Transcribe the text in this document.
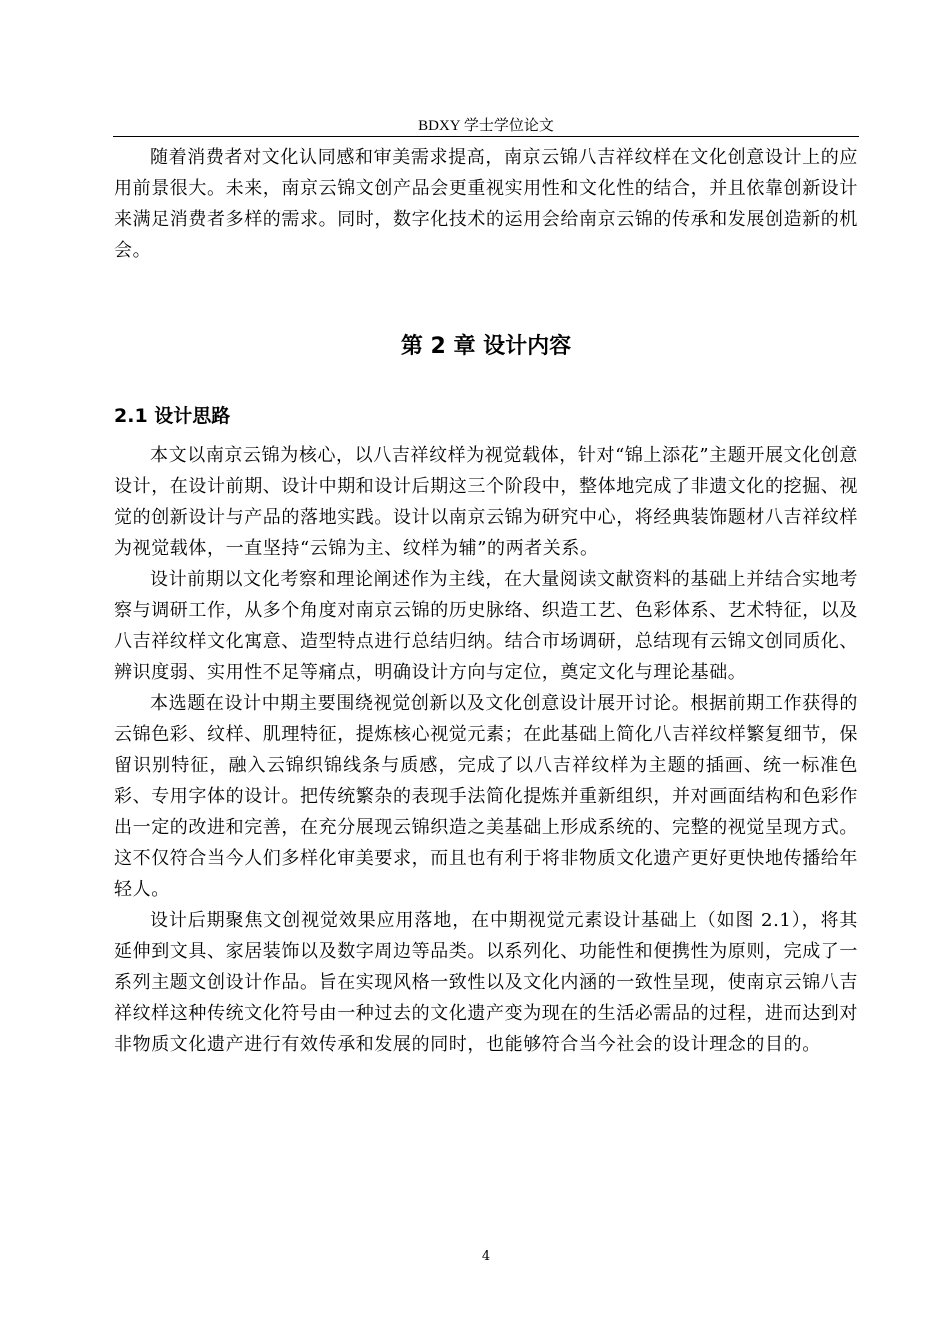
BDXY 学士学位论文

随着消费者对文化认同感和审美需求提高，南京云锦八吉祥纹样在文化创意设计上的应用前景很大。未来，南京云锦文创产品会更重视实用性和文化性的结合，并且依靠创新设计来满足消费者多样的需求。同时，数字化技术的运用会给南京云锦的传承和发展创造新的机会。

第 2 章 设计内容
2.1 设计思路

本文以南京云锦为核心，以八吉祥纹样为视觉载体，针对“锦上添花”主题开展文化创意设计，在设计前期、设计中期和设计后期这三个阶段中，整体地完成了非遗文化的挖掘、视觉的创新设计与产品的落地实践。设计以南京云锦为研究中心，将经典装饰题材八吉祥纹样为视觉载体，一直坚持“云锦为主、纹样为辅”的两者关系。

设计前期以文化考察和理论阐述作为主线，在大量阅读文献资料的基础上并结合实地考察与调研工作，从多个角度对南京云锦的历史脉络、织造工艺、色彩体系、艺术特征，以及八吉祥纹样文化寓意、造型特点进行总结归纳。结合市场调研，总结现有云锦文创同质化、辨识度弱、实用性不足等痛点，明确设计方向与定位，奠定文化与理论基础。

本选题在设计中期主要围绕视觉创新以及文化创意设计展开讨论。根据前期工作获得的云锦色彩、纹样、肌理特征，提炼核心视觉元素；在此基础上简化八吉祥纹样繁复细节，保留识别特征，融入云锦织锦线条与质感，完成了以八吉祥纹样为主题的插画、统一标准色彩、专用字体的设计。把传统繁杂的表现手法简化提炼并重新组织，并对画面结构和色彩作出一定的改进和完善，在充分展现云锦织造之美基础上形成系统的、完整的视觉呈现方式。这不仅符合当今人们多样化审美要求，而且也有利于将非物质文化遗产更好更快地传播给年轻人。

设计后期聚焦文创视觉效果应用落地，在中期视觉元素设计基础上（如图 2.1），将其延伸到文具、家居装饰以及数字周边等品类。以系列化、功能性和便携性为原则，完成了一系列主题文创设计作品。旨在实现风格一致性以及文化内涵的一致性呈现，使南京云锦八吉祥纹样这种传统文化符号由一种过去的文化遗产变为现在的生活必需品的过程，进而达到对非物质文化遗产进行有效传承和发展的同时，也能够符合当今社会的设计理念的目的。

4
